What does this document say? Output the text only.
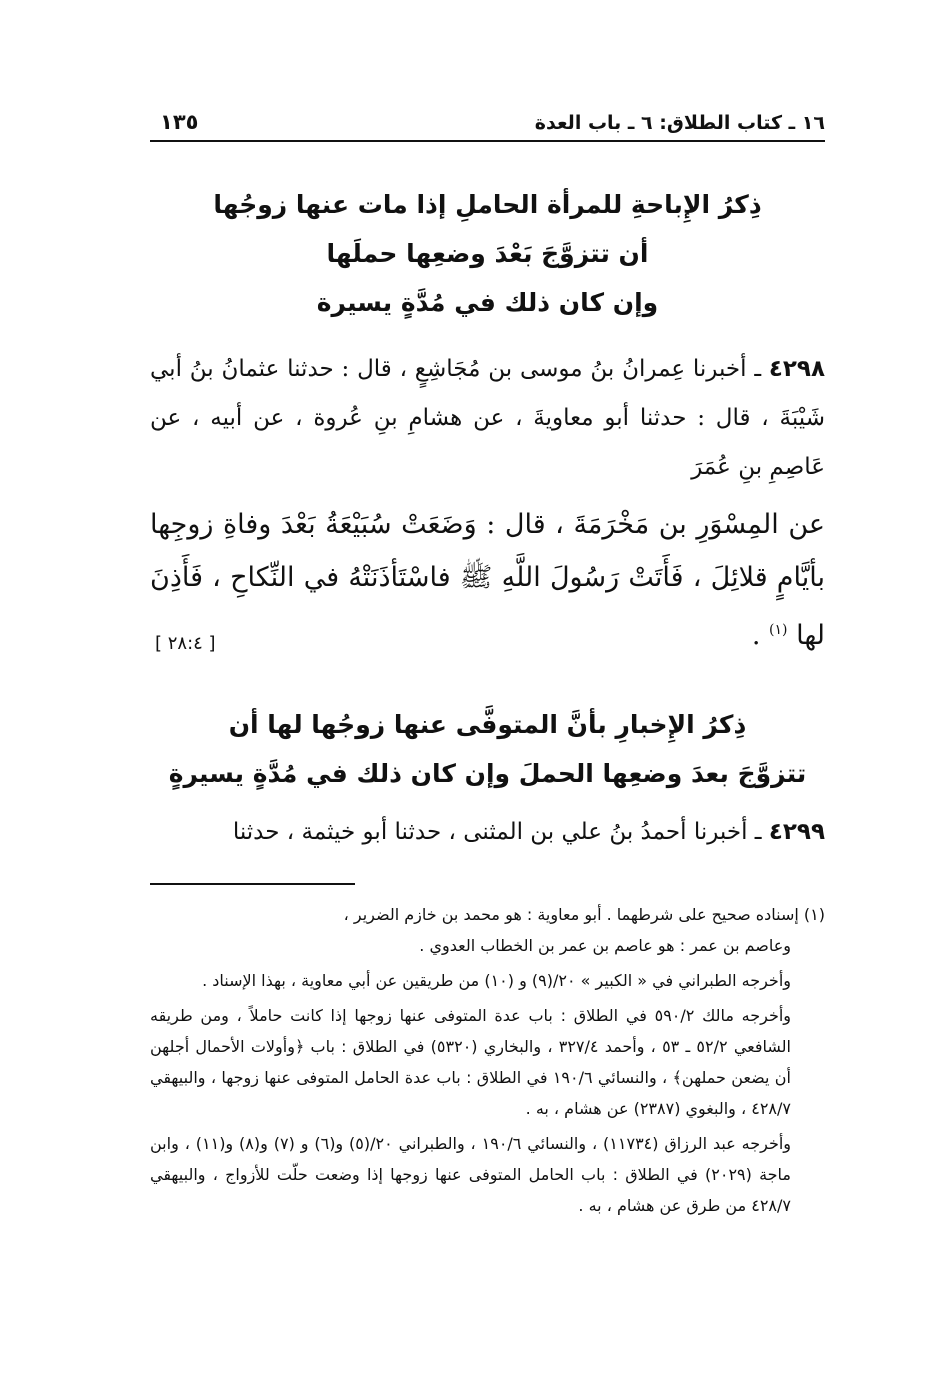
١٦ ـ كتاب الطلاق: ٦ ـ باب العدة
١٣٥
ذِكرُ الإِباحةِ للمرأة الحاملِ إذا مات عنها زوجُها
أن تتزوَّجَ بَعْدَ وضعِها حملَها
وإن كان ذلك في مُدَّةٍ يسيرة

٤٢٩٨ ـ أخبرنا عِمرانُ بنُ موسى بن مُجَاشِعٍ ، قال : حدثنا عثمانُ بنُ أبي شَيْبَةَ ، قال : حدثنا أبو معاويةَ ، عن هشامِ بنِ عُروة ، عن أبيه ، عن عَاصِمِ بنِ عُمَرَ

عن المِسْوَرِ بن مَخْرَمَةَ ، قال : وَضَعَتْ سُبَيْعَةُ بَعْدَ وفاةِ زوجِها بأيَّامٍ قلائِلَ ، فَأَتَتْ رَسُولَ اللَّهِ ﷺ فاسْتَأذَنَتْهُ في النِّكاحِ ، فَأَذِنَ لها $^{(١)}$ .

[ ٢٨:٤ ]
ذِكرُ الإِخبارِ بأنَّ المتوفَّى عنها زوجُها لها أن
تتزوَّجَ بعدَ وضعِها الحملَ وإن كان ذلك في مُدَّةٍ يسيرةٍ

٤٢٩٩ ـ أخبرنا أحمدُ بنُ علي بن المثنى ، حدثنا أبو خيثمة ، حدثنا

(١) إسناده صحيح على شرطهما . أبو معاوية : هو محمد بن خازم الضرير ،

وعاصم بن عمر : هو عاصم بن عمر بن الخطاب العدوي .

وأخرجه الطبراني في « الكبير » ٢٠/(٩) و (١٠) من طريقين عن أبي معاوية ، بهذا الإسناد .

وأخرجه مالك ٥٩٠/٢ في الطلاق : باب عدة المتوفى عنها زوجها إذا كانت حاملاً ، ومن طريقه الشافعي ٥٢/٢ ـ ٥٣ ، وأحمد ٣٢٧/٤ ، والبخاري (٥٣٢٠) في الطلاق : باب ﴿وأولات الأحمال أجلهن أن يضعن حملهن﴾ ، والنسائي ١٩٠/٦ في الطلاق : باب عدة الحامل المتوفى عنها زوجها ، والبيهقي ٤٢٨/٧ ، والبغوي (٢٣٨٧) عن هشام ، به .

وأخرجه عبد الرزاق (١١٧٣٤) ، والنسائي ١٩٠/٦ ، والطبراني ٢٠/(٥) و(٦) و (٧) و(٨) و(١١) ، وابن ماجة (٢٠٢٩) في الطلاق : باب الحامل المتوفى عنها زوجها إذا وضعت حلّت للأزواج ، والبيهقي ٤٢٨/٧ من طرق عن هشام ، به .
